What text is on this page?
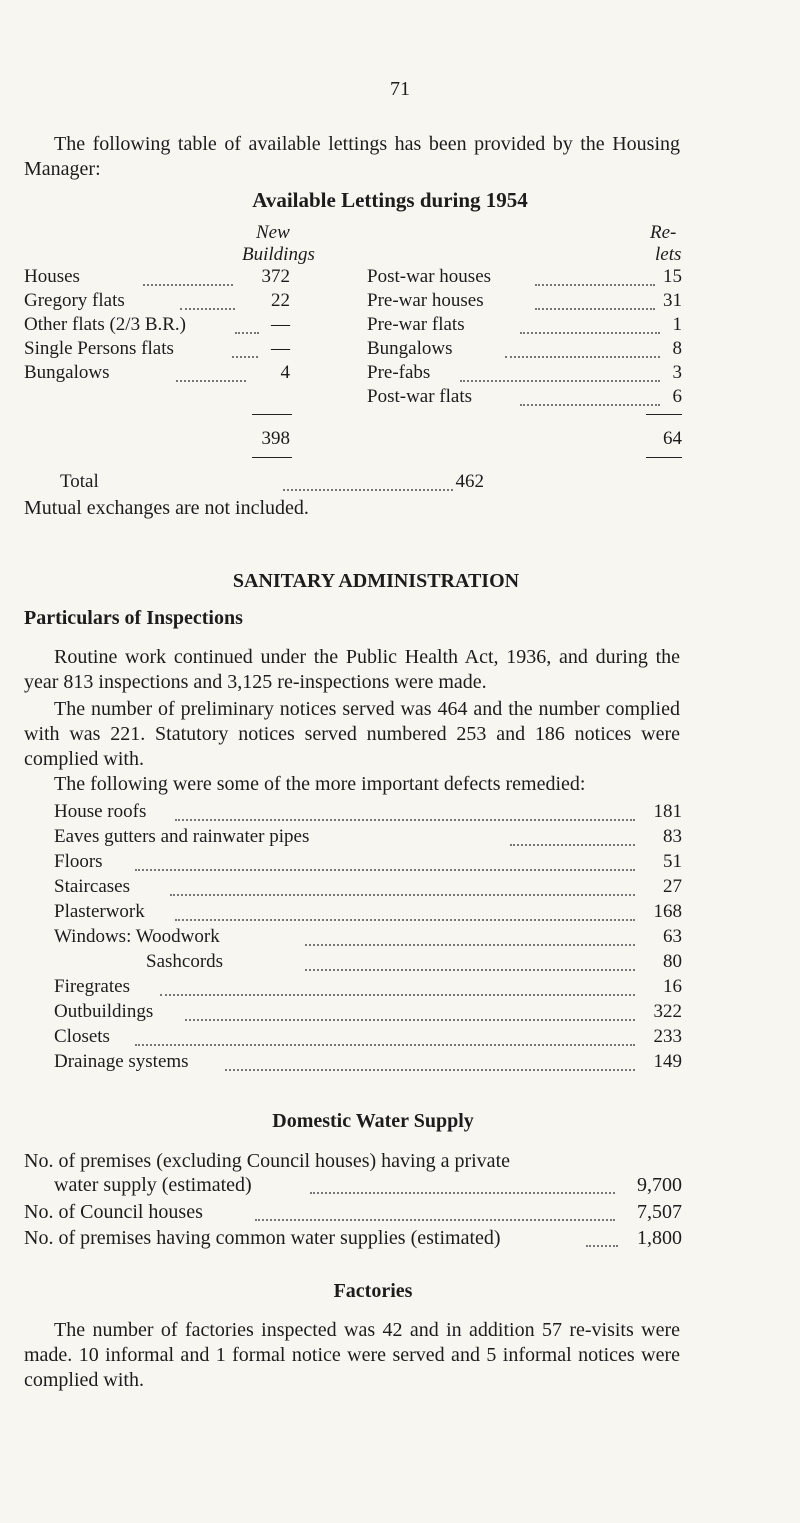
71
The following table of available lettings has been provided by the Housing Manager:
Available Lettings during 1954
New
Buildings
Re-
lets
Houses	372
Gregory flats	22
Other flats (2/3 B.R.)	—
Single Persons flats	—
Bungalows	4
Post-war houses	15
Pre-war houses	31
Pre-war flats	1
Bungalows	8
Pre-fabs	3
Post-war flats	6
398	64
Total	462
Mutual exchanges are not included.
SANITARY ADMINISTRATION
Particulars of Inspections
Routine work continued under the Public Health Act, 1936, and during the year 813 inspections and 3,125 re-inspections were made.
The number of preliminary notices served was 464 and the number complied with was 221. Statutory notices served numbered 253 and 186 notices were complied with.
The following were some of the more important defects remedied:
House roofs	181
Eaves gutters and rainwater pipes	83
Floors	51
Staircases	27
Plasterwork	168
Windows: Woodwork	63
Sashcords	80
Firegrates	16
Outbuildings	322
Closets	233
Drainage systems	149
Domestic Water Supply
No. of premises (excluding Council houses) having a private
water supply (estimated)	9,700
No. of Council houses	7,507
No. of premises having common water supplies (estimated)	1,800
Factories
The number of factories inspected was 42 and in addition 57 re-visits were made. 10 informal and 1 formal notice were served and 5 informal notices were complied with.
